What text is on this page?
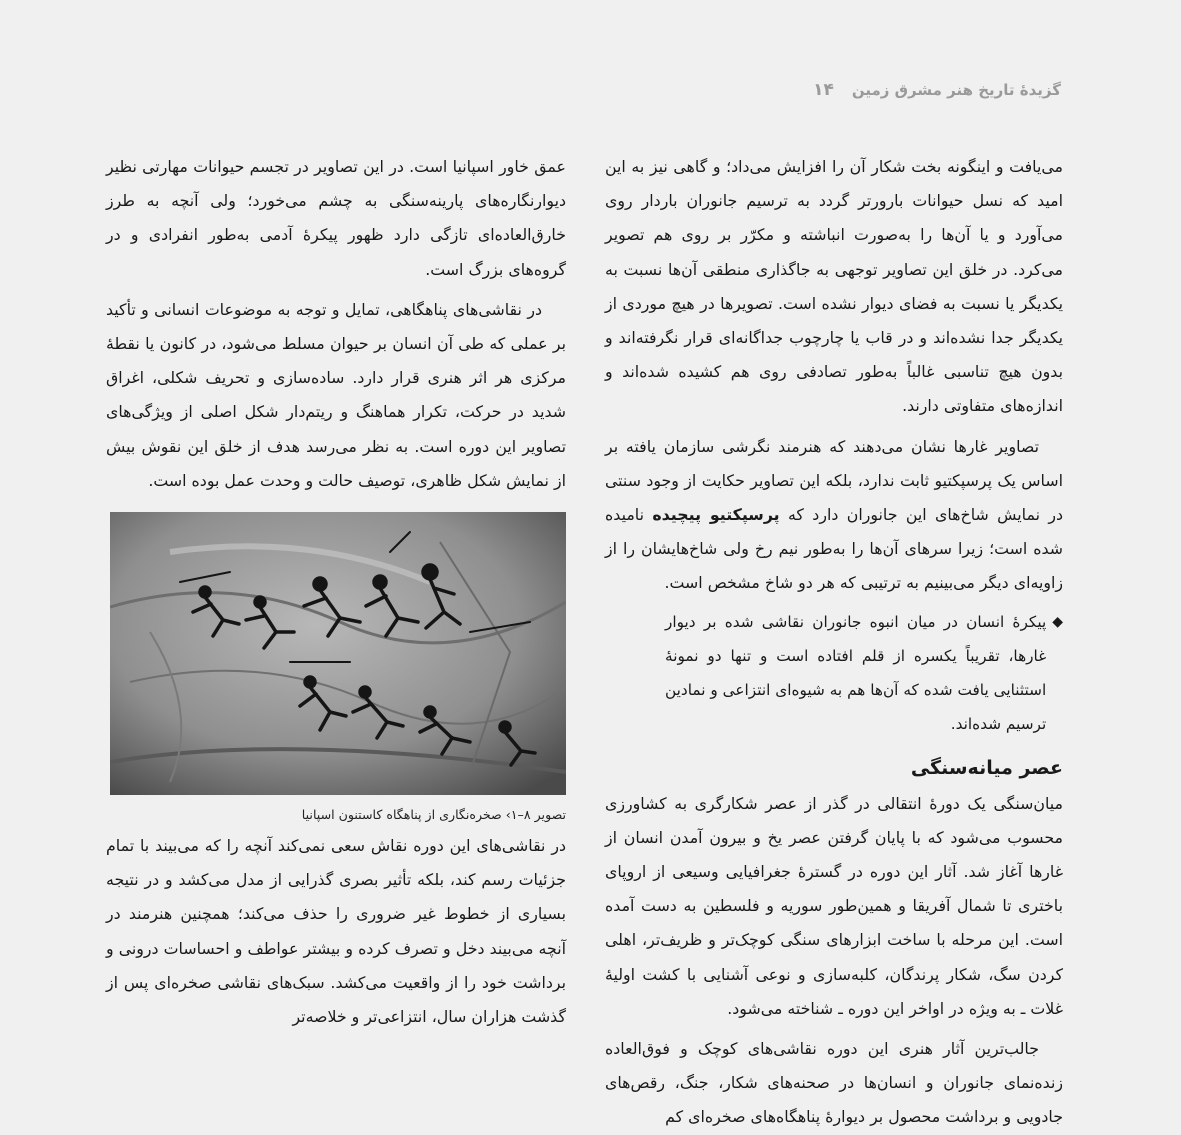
۱۴ گزیدهٔ تاریخ هنر مشرق زمین

می‌یافت و اینگونه بخت شکار آن را افزایش می‌داد؛ و گاهی نیز به این امید که نسل حیوانات بارورتر گردد به ترسیم جانوران باردار روی می‌آورد و یا آن‌ها را به‌صورت انباشته و مکرّر بر روی هم تصویر می‌کرد. در خلق این تصاویر توجهی به جاگذاری منطقی آن‌ها نسبت به یکدیگر یا نسبت به فضای دیوار نشده است. تصویرها در هیچ موردی از یکدیگر جدا نشده‌اند و در قاب یا چارچوب جداگانه‌ای قرار نگرفته‌اند و بدون هیچ تناسبی غالباً به‌طور تصادفی روی هم کشیده شده‌اند و اندازه‌های متفاوتی دارند.

تصاویر غارها نشان می‌دهند که هنرمند نگرشی سازمان یافته بر اساس یک پرسپکتیو ثابت ندارد، بلکه این تصاویر حکایت از وجود سنتی در نمایش شاخ‌های این جانوران دارد که پرسپکتیو پیچیده نامیده شده است؛ زیرا سرهای آن‌ها را به‌طور نیم رخ ولی شاخ‌هایشان را از زاویه‌ای دیگر می‌بینیم به ترتیبی که هر دو شاخ مشخص است.

◆
پیکرهٔ انسان در میان انبوه جانوران نقاشی شده بر دیوار غارها، تقریباً یکسره از قلم افتاده است و تنها دو نمونهٔ استثنایی یافت شده که آن‌ها هم به شیوه‌ای انتزاعی و نمادین ترسیم شده‌اند.
عصر میانه‌سنگی

میان‌سنگی یک دورهٔ انتقالی در گذر از عصر شکارگری به کشاورزی محسوب می‌شود که با پایان گرفتن عصر یخ و بیرون آمدن انسان از غارها آغاز شد. آثار این دوره در گسترهٔ جغرافیایی وسیعی از اروپای باختری تا شمال آفریقا و همین‌طور سوریه و فلسطین به دست آمده است. این مرحله با ساخت ابزارهای سنگی کوچک‌تر و ظریف‌تر، اهلی کردن سگ، شکار پرندگان، کلبه‌سازی و نوعی آشنایی با کشت اولیهٔ غلات ـ به ویژه در اواخر این دوره ـ شناخته می‌شود.

جالب‌ترین آثار هنری این دوره نقاشی‌های کوچک و فوق‌العاده زنده‌نمای جانوران و انسان‌ها در صحنه‌های شکار، جنگ، رقص‌های جادویی و برداشت محصول بر دیوارهٔ پناهگاه‌های صخره‌ای کم

عمق خاور اسپانیا است. در این تصاویر در تجسم حیوانات مهارتی نظیر دیوارنگاره‌های پارینه‌سنگی به چشم می‌خورد؛ ولی آنچه به طرز خارق‌العاده‌ای تازگی دارد ظهور پیکرهٔ آدمی به‌طور انفرادی و در گروه‌های بزرگ است.

در نقاشی‌های پناهگاهی، تمایل و توجه به موضوعات انسانی و تأکید بر عملی که طی آن انسان بر حیوان مسلط می‌شود، در کانون یا نقطهٔ مرکزی هر اثر هنری قرار دارد. ساده‌سازی و تحریف شکلی، اغراق شدید در حرکت، تکرار هماهنگ و ریتم‌دار شکل اصلی از ویژگی‌های تصاویر این دوره است. به نظر می‌رسد هدف از خلق این نقوش بیش از نمایش شکل ظاهری، توصیف حالت و وحدت عمل بوده است.

تصویر ۸–۱› صخره‌نگاری از پناهگاه کاستنون اسپانیا

در نقاشی‌های این دوره نقاش سعی نمی‌کند آنچه را که می‌بیند با تمام جزئیات رسم کند، بلکه تأثیر بصری گذرایی از مدل می‌کشد و در نتیجه بسیاری از خطوط غیر ضروری را حذف می‌کند؛ همچنین هنرمند در آنچه می‌بیند دخل و تصرف کرده و بیشتر عواطف و احساسات درونی و برداشت خود را از واقعیت می‌کشد. سبک‌های نقاشی صخره‌ای پس از گذشت هزاران سال، انتزاعی‌تر و خلاصه‌تر
